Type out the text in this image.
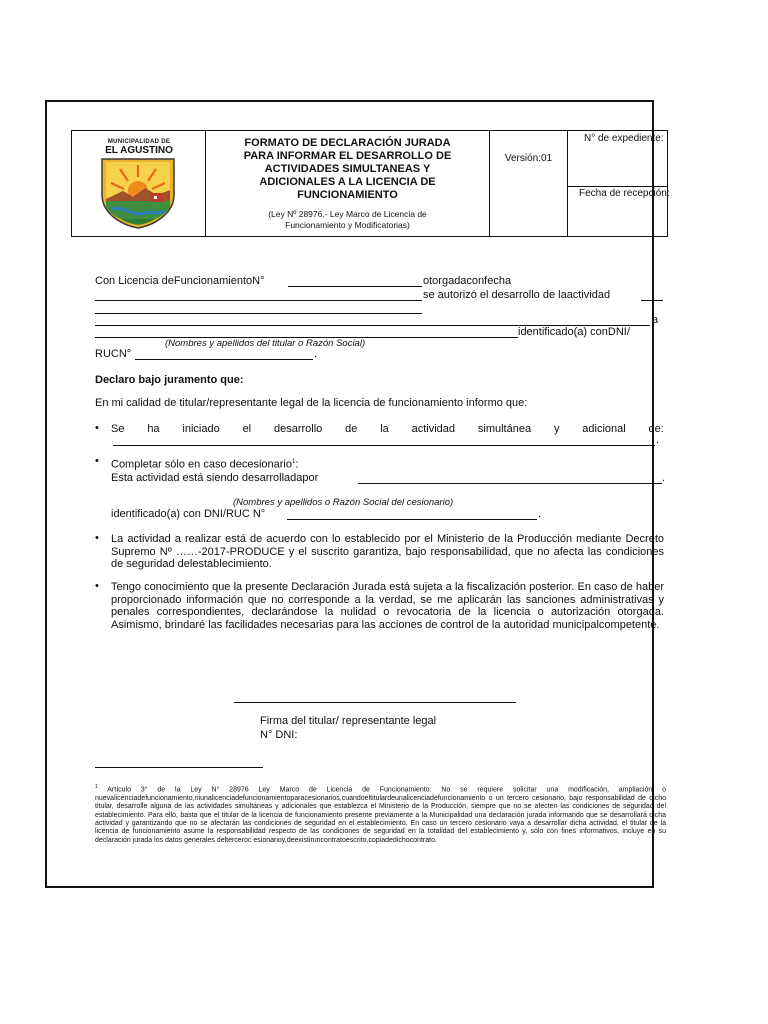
MUNICIPALIDAD DE
EL AGUSTINO
FORMATO DE DECLARACIÓN JURADA
PARA INFORMAR EL DESARROLLO DE
ACTIVIDADES SIMULTANEAS Y
ADICIONALES A LA LICENCIA DE
FUNCIONAMIENTO
(Ley Nº 28976.- Ley Marco de Licencia de
Funcionamiento y Modificatorias)
Versión:01
N° de expediente:
Fecha de recepción:
Con Licencia deFuncionamientoN°	otorgadaconfecha
se autorizó el desarrollo de laactividad
a
identificado(a) conDNI/
(Nombres y apellidos del titular o Razón Social)
RUCN°	.
Declaro bajo juramento que:
En mi calidad de titular/representante legal de la licencia de funcionamiento informo que:
• Se ha iniciado el desarrollo de la actividad simultánea y adicional de:
.
• Completar sólo en caso decesionario$^1$:
Esta actividad está siendo desarrolladapor	.
(Nombres y apellidos o Razón Social del cesionario)
identificado(a) con DNI/RUC N°	.
• La actividad a realizar está de acuerdo con lo establecido por el Ministerio de la Producción mediante Decreto Supremo Nº ……-2017-PRODUCE y el suscrito garantiza, bajo responsabilidad, que no afecta las condiciones de seguridad delestablecimiento.
• Tengo conocimiento que la presente Declaración Jurada está sujeta a la fiscalización posterior. En caso de haber proporcionado información que no corresponde a la verdad, se me aplicarán las sanciones administrativas y penales correspondientes, declarándose la nulidad o revocatoria de la licencia o autorización otorgada. Asimismo, brindaré las facilidades necesarias para las acciones de control de la autoridad municipalcompetente.
Firma del titular/ representante legal
N° DNI:
$^1$ Artículo 3° de la Ley N° 28976 Ley Marco de Licencia de Funcionamiento: No se requiere solicitar una modificación, ampliación o nuevalicenciadefuncionamiento,niunalicenciadefuncionamientoparacesionarios,cuandoeltitulardeunalicenciadefuncionamiento o un tercero cesionario, bajo responsabilidad de dicho titular, desarrolle alguna de las actividades simultáneas y adicionales que establezca el Ministerio de la Producción, siempre que no se afecten las condiciones de seguridad del establecimiento. Para ello, basta que el titular de la licencia de funcionamiento presente previamente a la Municipalidad una declaración jurada informando que se desarrollará dicha actividad y garantizando que no se afectarán las condiciones de seguridad en el establecimiento. En caso un tercero cesionario vaya a desarrollar dicha actividad, el titular de la licencia de funcionamiento asume la responsabilidad respecto de las condiciones de seguridad en la totalidad del establecimiento y, sólo con fines informativos, incluye en su declaración jurada los datos generales delterceroc esionarioy,deexistiruncontratoescrito,copiadedichocontrato.
